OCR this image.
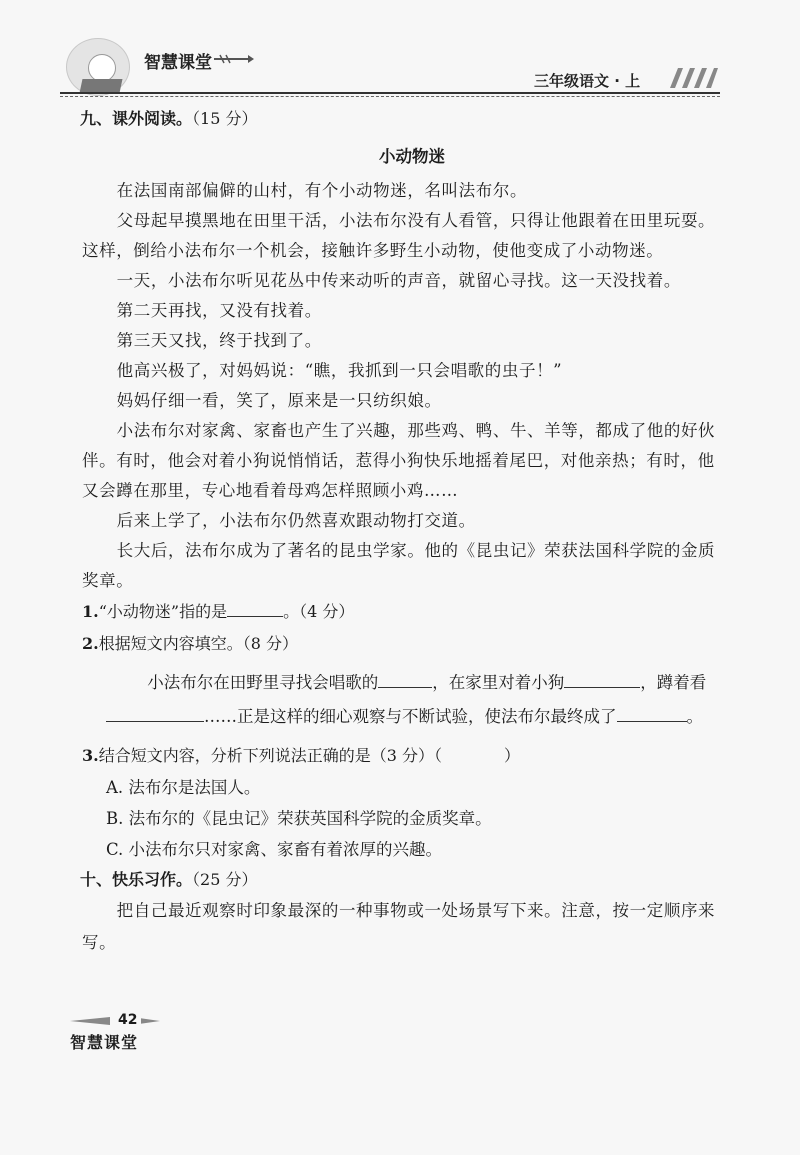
智慧课堂
三年级语文 · 上
九、课外阅读。（15 分）
小动物迷

在法国南部偏僻的山村，有个小动物迷，名叫法布尔。

父母起早摸黑地在田里干活，小法布尔没有人看管，只得让他跟着在田里玩耍。这样，倒给小法布尔一个机会，接触许多野生小动物，使他变成了小动物迷。

一天，小法布尔听见花丛中传来动听的声音，就留心寻找。这一天没找着。

第二天再找，又没有找着。

第三天又找，终于找到了。

他高兴极了，对妈妈说：“瞧，我抓到一只会唱歌的虫子！”

妈妈仔细一看，笑了，原来是一只纺织娘。

小法布尔对家禽、家畜也产生了兴趣，那些鸡、鸭、牛、羊等，都成了他的好伙伴。有时，他会对着小狗说悄悄话，惹得小狗快乐地摇着尾巴，对他亲热；有时，他又会蹲在那里，专心地看着母鸡怎样照顾小鸡……

后来上学了，小法布尔仍然喜欢跟动物打交道。

长大后，法布尔成为了著名的昆虫学家。他的《昆虫记》荣获法国科学院的金质奖章。

1.“小动物迷”指的是	。（4 分）

2.根据短文内容填空。（8 分）

小法布尔在田野里寻找会唱歌的	，在家里对着小狗	，蹲着看……正是这样的细心观察与不断试验，使法布尔最终成了	。

3.结合短文内容，分析下列说法正确的是（3 分）（	）

A. 法布尔是法国人。

B. 法布尔的《昆虫记》荣获英国科学院的金质奖章。

C. 小法布尔只对家禽、家畜有着浓厚的兴趣。

十、快乐习作。（25 分）

把自己最近观察时印象最深的一种事物或一处场景写下来。注意，按一定顺序来写。

42
智慧课堂
